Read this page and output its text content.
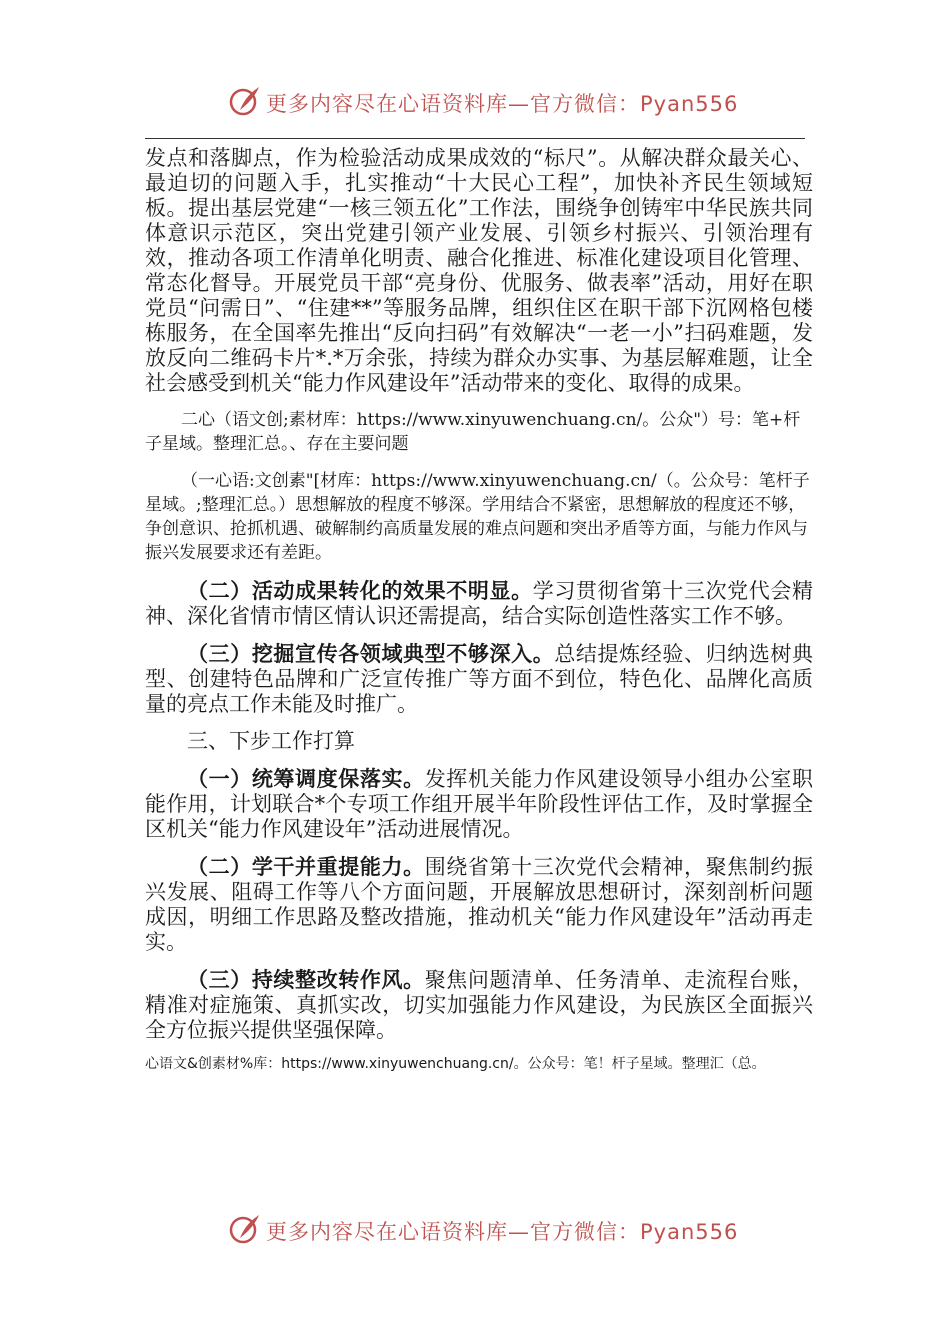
更多内容尽在心语资料库—官方微信：Pyan556

发点和落脚点，作为检验活动成果成效的“标尺”。从解决群众最关心、最迫切的问题入手，扎实推动“十大民心工程”，加快补齐民生领域短板。提出基层党建“一核三领五化”工作法，围绕争创铸牢中华民族共同体意识示范区，突出党建引领产业发展、引领乡村振兴、引领治理有效，推动各项工作清单化明责、融合化推进、标准化建设项目化管理、常态化督导。开展党员干部“亮身份、优服务、做表率”活动，用好在职党员“问需日”、“住建**”等服务品牌，组织住区在职干部下沉网格包楼栋服务，在全国率先推出“反向扫码”有效解决“一老一小”扫码难题，发放反向二维码卡片*.*万余张，持续为群众办实事、为基层解难题，让全社会感受到机关“能力作风建设年”活动带来的变化、取得的成果。

二心（语文创;素材库：https://www.xinyuwenchuang.cn/。公众"）号：笔+杆子星域。整理汇总。、存在主要问题

（一心语:文创素"[材库：https://www.xinyuwenchuang.cn/（。公众号：笔杆子星域。;整理汇总。）思想解放的程度不够深。学用结合不紧密，思想解放的程度还不够，争创意识、抢抓机遇、破解制约高质量发展的难点问题和突出矛盾等方面，与能力作风与振兴发展要求还有差距。

（二）活动成果转化的效果不明显。学习贯彻省第十三次党代会精神、深化省情市情区情认识还需提高，结合实际创造性落实工作不够。

（三）挖掘宣传各领域典型不够深入。总结提炼经验、归纳选树典型、创建特色品牌和广泛宣传推广等方面不到位，特色化、品牌化高质量的亮点工作未能及时推广。

三、下步工作打算

（一）统筹调度保落实。发挥机关能力作风建设领导小组办公室职能作用，计划联合*个专项工作组开展半年阶段性评估工作，及时掌握全区机关“能力作风建设年”活动进展情况。

（二）学干并重提能力。围绕省第十三次党代会精神，聚焦制约振兴发展、阻碍工作等八个方面问题，开展解放思想研讨，深刻剖析问题成因，明细工作思路及整改措施，推动机关“能力作风建设年”活动再走实。

（三）持续整改转作风。聚焦问题清单、任务清单、走流程台账，精准对症施策、真抓实改，切实加强能力作风建设，为民族区全面振兴全方位振兴提供坚强保障。

心语文&创素材%库：https://www.xinyuwenchuang.cn/。公众号：笔！杆子星域。整理汇（总。

更多内容尽在心语资料库—官方微信：Pyan556
